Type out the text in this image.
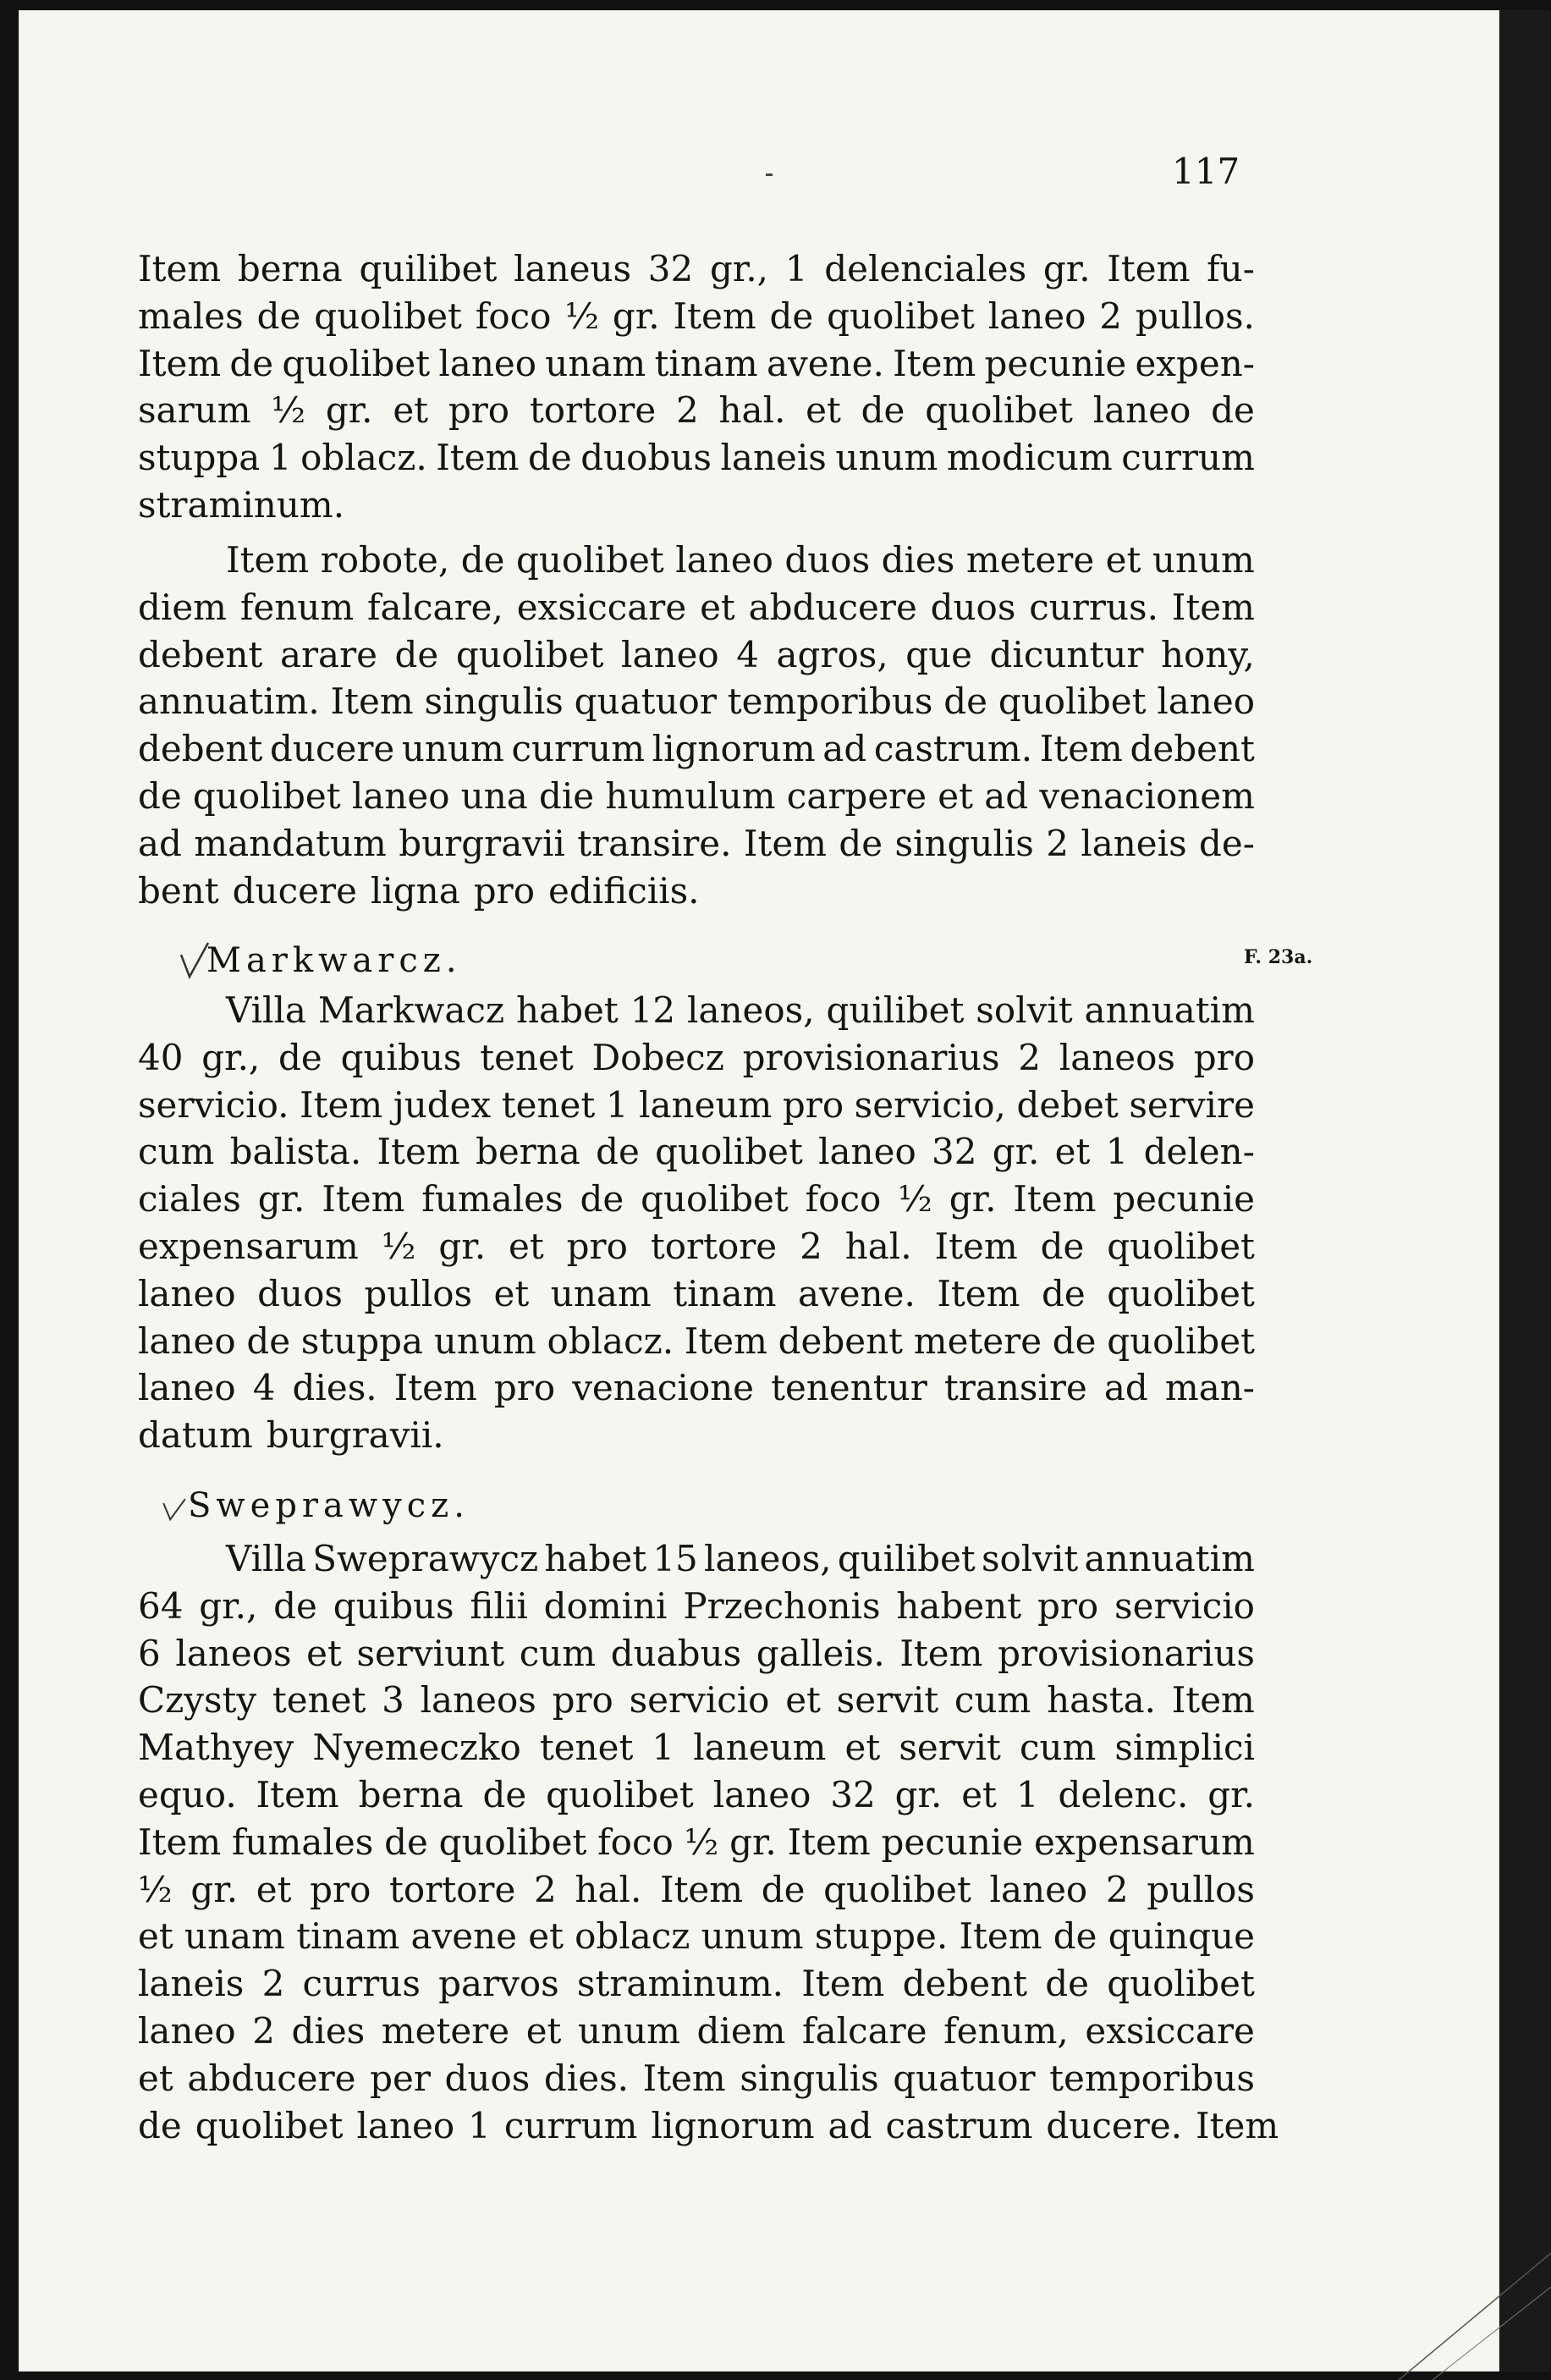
117
Item berna quilibet laneus 32 gr., 1 delenciales gr. Item fu-
males de quolibet foco ½ gr. Item de quolibet laneo 2 pullos.
Item de quolibet laneo unam tinam avene. Item pecunie expen-
sarum ½ gr. et pro tortore 2 hal. et de quolibet laneo de
stuppa 1 oblacz. Item de duobus laneis unum modicum currum
straminum.
Item robote, de quolibet laneo duos dies metere et unum
diem fenum falcare, exsiccare et abducere duos currus. Item
debent arare de quolibet laneo 4 agros, que dicuntur hony,
annuatim. Item singulis quatuor temporibus de quolibet laneo
debent ducere unum currum lignorum ad castrum. Item debent
de quolibet laneo una die humulum carpere et ad venacionem
ad mandatum burgravii transire. Item de singulis 2 laneis de-
bent ducere ligna pro edificiis.
Markwarcz.	F. 23a.
Villa Markwacz habet 12 laneos, quilibet solvit annuatim
40 gr., de quibus tenet Dobecz provisionarius 2 laneos pro
servicio. Item judex tenet 1 laneum pro servicio, debet servire
cum balista. Item berna de quolibet laneo 32 gr. et 1 delen-
ciales gr. Item fumales de quolibet foco ½ gr. Item pecunie
expensarum ½ gr. et pro tortore 2 hal. Item de quolibet
laneo duos pullos et unam tinam avene. Item de quolibet
laneo de stuppa unum oblacz. Item debent metere de quolibet
laneo 4 dies. Item pro venacione tenentur transire ad man-
datum burgravii.
Sweprawycz.
Villa Sweprawycz habet 15 laneos, quilibet solvit annuatim
64 gr., de quibus filii domini Przechonis habent pro servicio
6 laneos et serviunt cum duabus galleis. Item provisionarius
Czysty tenet 3 laneos pro servicio et servit cum hasta. Item
Mathyey Nyemeczko tenet 1 laneum et servit cum simplici
equo. Item berna de quolibet laneo 32 gr. et 1 delenc. gr.
Item fumales de quolibet foco ½ gr. Item pecunie expensarum
½ gr. et pro tortore 2 hal. Item de quolibet laneo 2 pullos
et unam tinam avene et oblacz unum stuppe. Item de quinque
laneis 2 currus parvos straminum. Item debent de quolibet
laneo 2 dies metere et unum diem falcare fenum, exsiccare
et abducere per duos dies. Item singulis quatuor temporibus
de quolibet laneo 1 currum lignorum ad castrum ducere. Item
